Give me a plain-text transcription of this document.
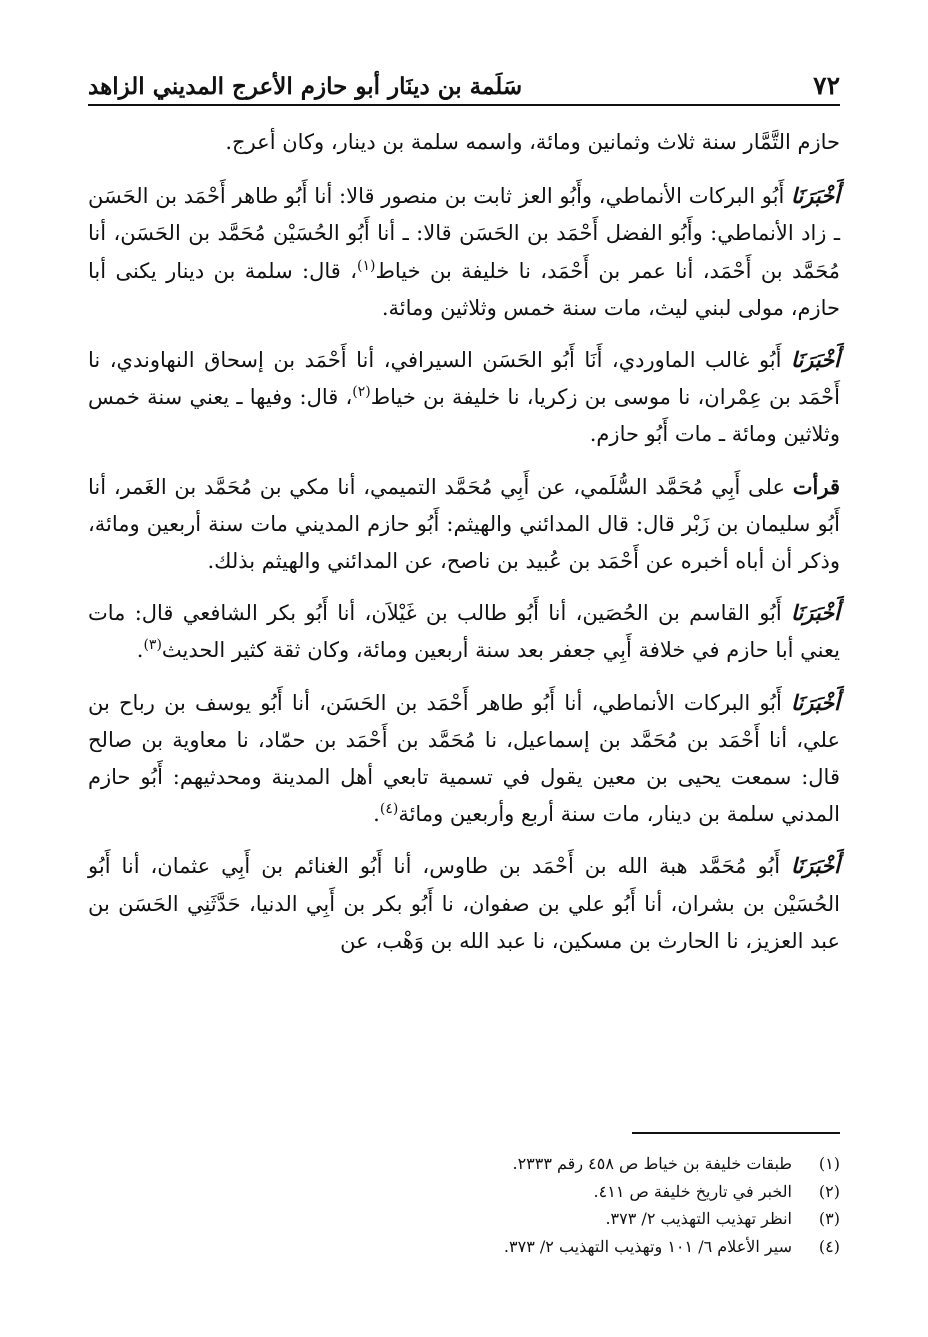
٧٢
سَلَمة بن دينَار أبو حازم الأعرج المديني الزاهد

حازم التَّمَّار سنة ثلاث وثمانين ومائة، واسمه سلمة بن دينار، وكان أعرج.

أَخْبَرَنَا أَبُو البركات الأنماطي، وأَبُو العز ثابت بن منصور قالا: أنا أَبُو طاهر أَحْمَد بن الحَسَن ـ زاد الأنماطي: وأَبُو الفضل أَحْمَد بن الحَسَن قالا: ـ أنا أَبُو الحُسَيْن مُحَمَّد بن الحَسَن، أنا مُحَمَّد بن أَحْمَد، أنا عمر بن أَحْمَد، نا خليفة بن خياط$^{(١)}$، قال: سلمة بن دينار يكنى أبا حازم، مولى لبني ليث، مات سنة خمس وثلاثين ومائة.

أَخْبَرَنَا أَبُو غالب الماوردي، أَنَا أَبُو الحَسَن السيرافي، أنا أَحْمَد بن إسحاق النهاوندي، نا أَحْمَد بن عِمْران، نا موسى بن زكريا، نا خليفة بن خياط$^{(٢)}$، قال: وفيها ـ يعني سنة خمس وثلاثين ومائة ـ مات أَبُو حازم.

قرأت على أَبِي مُحَمَّد السُّلَمي، عن أَبِي مُحَمَّد التميمي، أنا مكي بن مُحَمَّد بن الغَمر، أنا أَبُو سليمان بن زَبْر قال: قال المدائني والهيثم: أَبُو حازم المديني مات سنة أربعين ومائة، وذكر أن أباه أخبره عن أَحْمَد بن عُبيد بن ناصح، عن المدائني والهيثم بذلك.

أَخْبَرَنَا أَبُو القاسم بن الحُصَين، أنا أَبُو طالب بن غَيْلاَن، أنا أَبُو بكر الشافعي قال: مات يعني أبا حازم في خلافة أَبِي جعفر بعد سنة أربعين ومائة، وكان ثقة كثير الحديث$^{(٣)}$.

أَخْبَرَنَا أَبُو البركات الأنماطي، أنا أَبُو طاهر أَحْمَد بن الحَسَن، أنا أَبُو يوسف بن رباح بن علي، أنا أَحْمَد بن مُحَمَّد بن إسماعيل، نا مُحَمَّد بن أَحْمَد بن حمّاد، نا معاوية بن صالح قال: سمعت يحيى بن معين يقول في تسمية تابعي أهل المدينة ومحدثيهم: أَبُو حازم المدني سلمة بن دينار، مات سنة أربع وأربعين ومائة$^{(٤)}$.

أَخْبَرَنَا أَبُو مُحَمَّد هبة الله بن أَحْمَد بن طاوس، أنا أَبُو الغنائم بن أَبِي عثمان، أنا أَبُو الحُسَيْن بن بشران، أنا أَبُو علي بن صفوان، نا أَبُو بكر بن أَبِي الدنيا، حَدَّثَنِي الحَسَن بن عبد العزيز، نا الحارث بن مسكين، نا عبد الله بن وَهْب، عن

(١)
طبقات خليفة بن خياط ص ٤٥٨ رقم ٢٣٣٣.
(٢)
الخبر في تاريخ خليفة ص ٤١١.
(٣)
انظر تهذيب التهذيب ٢/ ٣٧٣.
(٤)
سير الأعلام ٦/ ١٠١ وتهذيب التهذيب ٢/ ٣٧٣.
